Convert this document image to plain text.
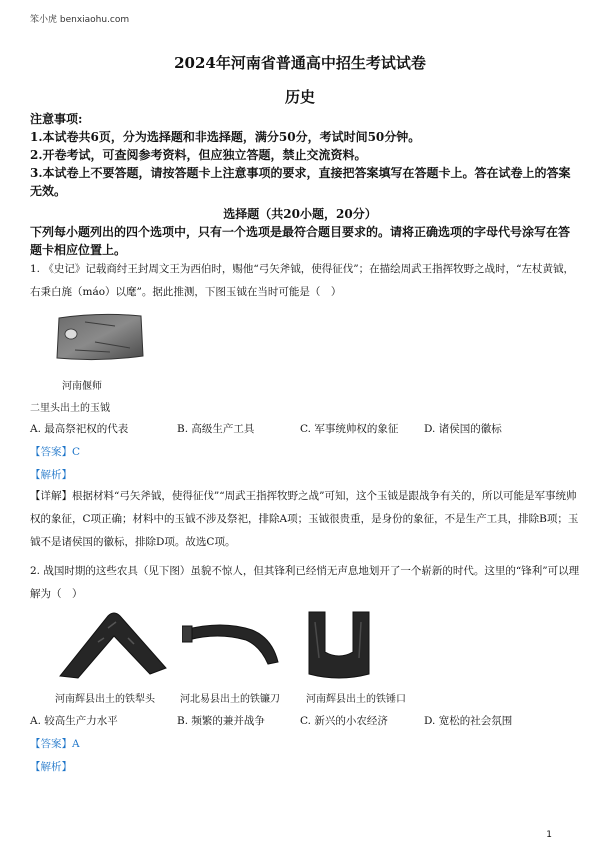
笨小虎 benxiaohu.com
2024年河南省普通高中招生考试试卷
历史
注意事项:
1.本试卷共6页，分为选择题和非选择题，满分50分，考试时间50分钟。
2.开卷考试，可查阅参考资料，但应独立答题，禁止交流资料。
3.本试卷上不要答题，请按答题卡上注意事项的要求，直接把答案填写在答题卡上。答在试卷上的答案无效。
选择题（共20小题，20分）
下列每小题列出的四个选项中，只有一个选项是最符合题目要求的。请将正确选项的字母代号涂写在答题卡相应位置上。
1. 《史记》记载商纣王封周文王为西伯时，赐他“弓矢斧钺，使得征伐”；在描绘周武王指挥牧野之战时，“左杖黄钺，右秉白旄（máo）以麾”。据此推测，下图玉钺在当时可能是（　）
河南偃师
二里头出土的玉钺
A. 最高祭祀权的代表	B. 高级生产工具	C. 军事统帅权的象征 D. 诸侯国的徽标
【答案】C
【解析】
【详解】根据材料“弓矢斧钺，使得征伐”“周武王指挥牧野之战”可知，这个玉钺是跟战争有关的，所以可能是军事统帅权的象征，C项正确；材料中的玉钺不涉及祭祀，排除A项；玉钺很贵重，是身份的象征，不是生产工具，排除B项；玉钺不是诸侯国的徽标，排除D项。故选C项。
2. 战国时期的这些农具（见下图）虽貌不惊人，但其锋利已经悄无声息地划开了一个崭新的时代。这里的“锋利”可以理解为（　）
河南辉县出土的铁犁头	河北易县出土的铁镰刀	河南辉县出土的铁锤口
A. 较高生产力水平	B. 频繁的兼并战争	C. 新兴的小农经济	D. 宽松的社会氛围
【答案】A
【解析】
1
